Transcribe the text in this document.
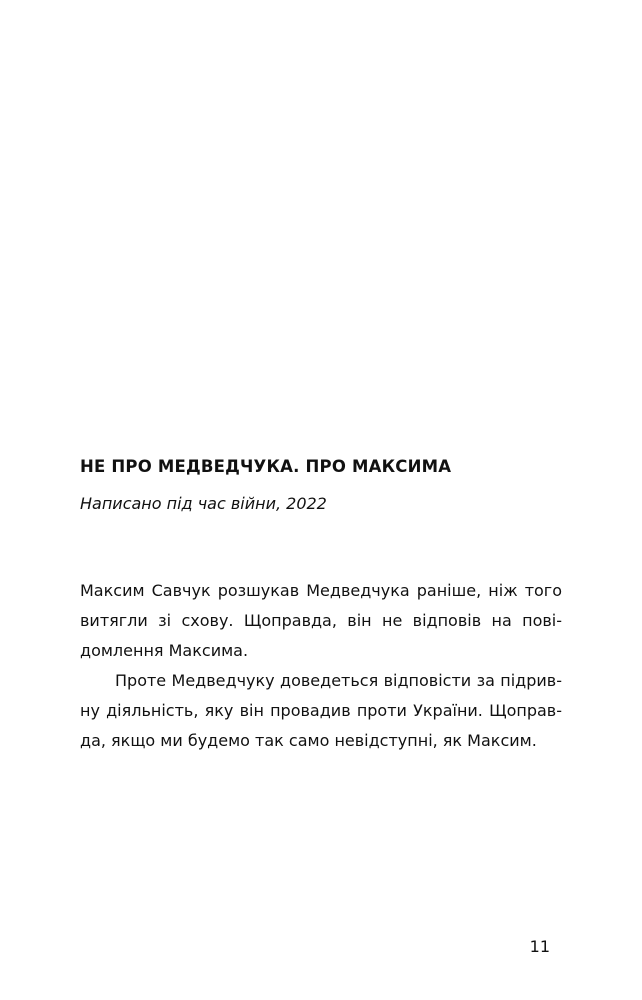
НЕ ПРО МЕДВЕДЧУКА. ПРО МАКСИМА
Написано під час війни, 2022
Максим Савчук розшукав Медведчука раніше, ніж того
витягли зі схову. Щоправда, він не відповів на пові-
домлення Максима.
Проте Медведчуку доведеться відповісти за підрив-
ну діяльність, яку він провадив проти України. Щоправ-
да, якщо ми будемо так само невідступні, як Максим.
11
